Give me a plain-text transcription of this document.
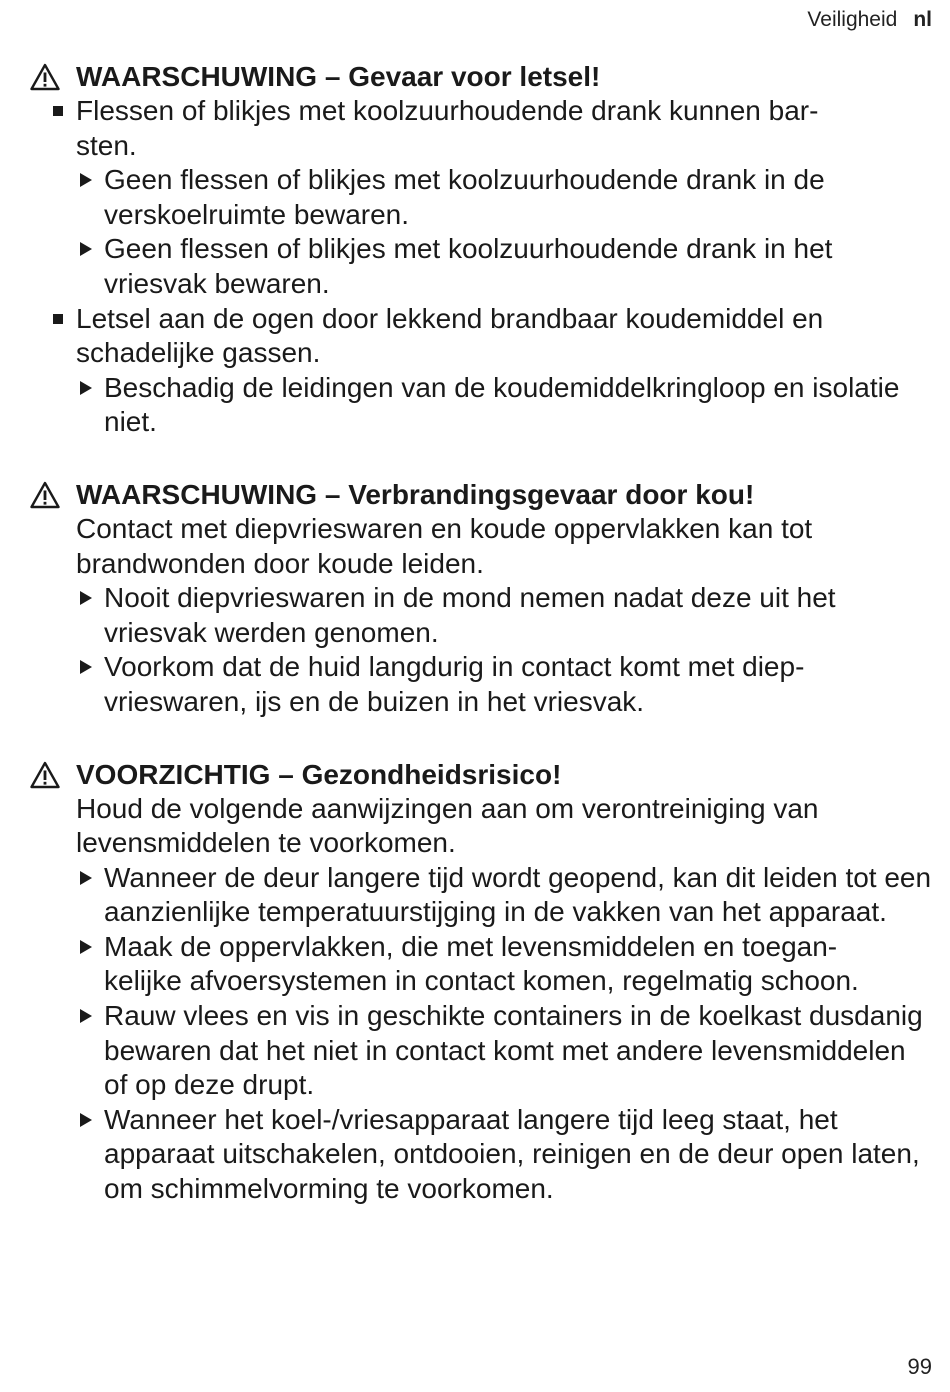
Veiligheid nl
WAARSCHUWING – Gevaar voor letsel!
Flessen of blikjes met koolzuurhoudende drank kunnen bar-
sten.
Geen flessen of blikjes met koolzuurhoudende drank in de verskoelruimte bewaren.
Geen flessen of blikjes met koolzuurhoudende drank in het vriesvak bewaren.
Letsel aan de ogen door lekkend brandbaar koudemiddel en schadelijke gassen.
Beschadig de leidingen van de koudemiddelkringloop en isolatie niet.
WAARSCHUWING – Verbrandingsgevaar door kou!
Contact met diepvrieswaren en koude oppervlakken kan tot brandwonden door koude leiden.
Nooit diepvrieswaren in de mond nemen nadat deze uit het vriesvak werden genomen.
Voorkom dat de huid langdurig in contact komt met diep-
vrieswaren, ijs en de buizen in het vriesvak.
VOORZICHTIG – Gezondheidsrisico!
Houd de volgende aanwijzingen aan om verontreiniging van levensmiddelen te voorkomen.
Wanneer de deur langere tijd wordt geopend, kan dit leiden tot een aanzienlijke temperatuurstijging in de vakken van het apparaat.
Maak de oppervlakken, die met levensmiddelen en toegan-
kelijke afvoersystemen in contact komen, regelmatig schoon.
Rauw vlees en vis in geschikte containers in de koelkast dusdanig bewaren dat het niet in contact komt met andere levensmiddelen of op deze drupt.
Wanneer het koel-/vriesapparaat langere tijd leeg staat, het apparaat uitschakelen, ontdooien, reinigen en de deur open laten, om schimmelvorming te voorkomen.
99
